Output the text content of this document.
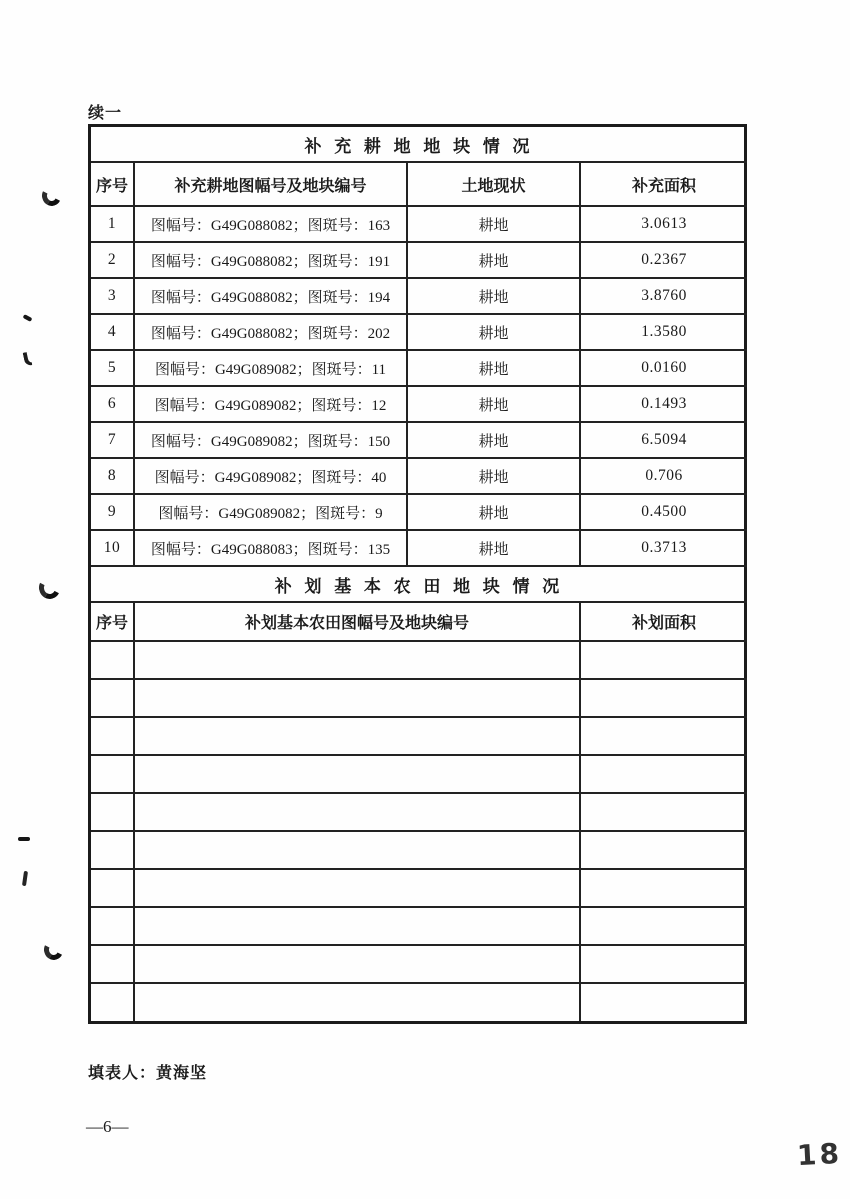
续一
补 充 耕 地 地 块 情 况			
序号	补充耕地图幅号及地块编号	土地现状	补充面积
1	图幅号：G49G088082；图斑号：163	耕地	3.0613
2	图幅号：G49G088082；图斑号：191	耕地	0.2367
3	图幅号：G49G088082；图斑号：194	耕地	3.8760
4	图幅号：G49G088082；图斑号：202	耕地	1.3580
5	图幅号：G49G089082；图斑号：11	耕地	0.0160
6	图幅号：G49G089082；图斑号：12	耕地	0.1493
7	图幅号：G49G089082；图斑号：150	耕地	6.5094
8	图幅号：G49G089082；图斑号：40	耕地	0.706
9	图幅号：G49G089082；图斑号：9	耕地	0.4500
10	图幅号：G49G088083；图斑号：135	耕地	0.3713
补 划 基 本 农 田 地 块 情 况		
序号	补划基本农田图幅号及地块编号	补划面积

填表人：黄海坚
—6—
18
